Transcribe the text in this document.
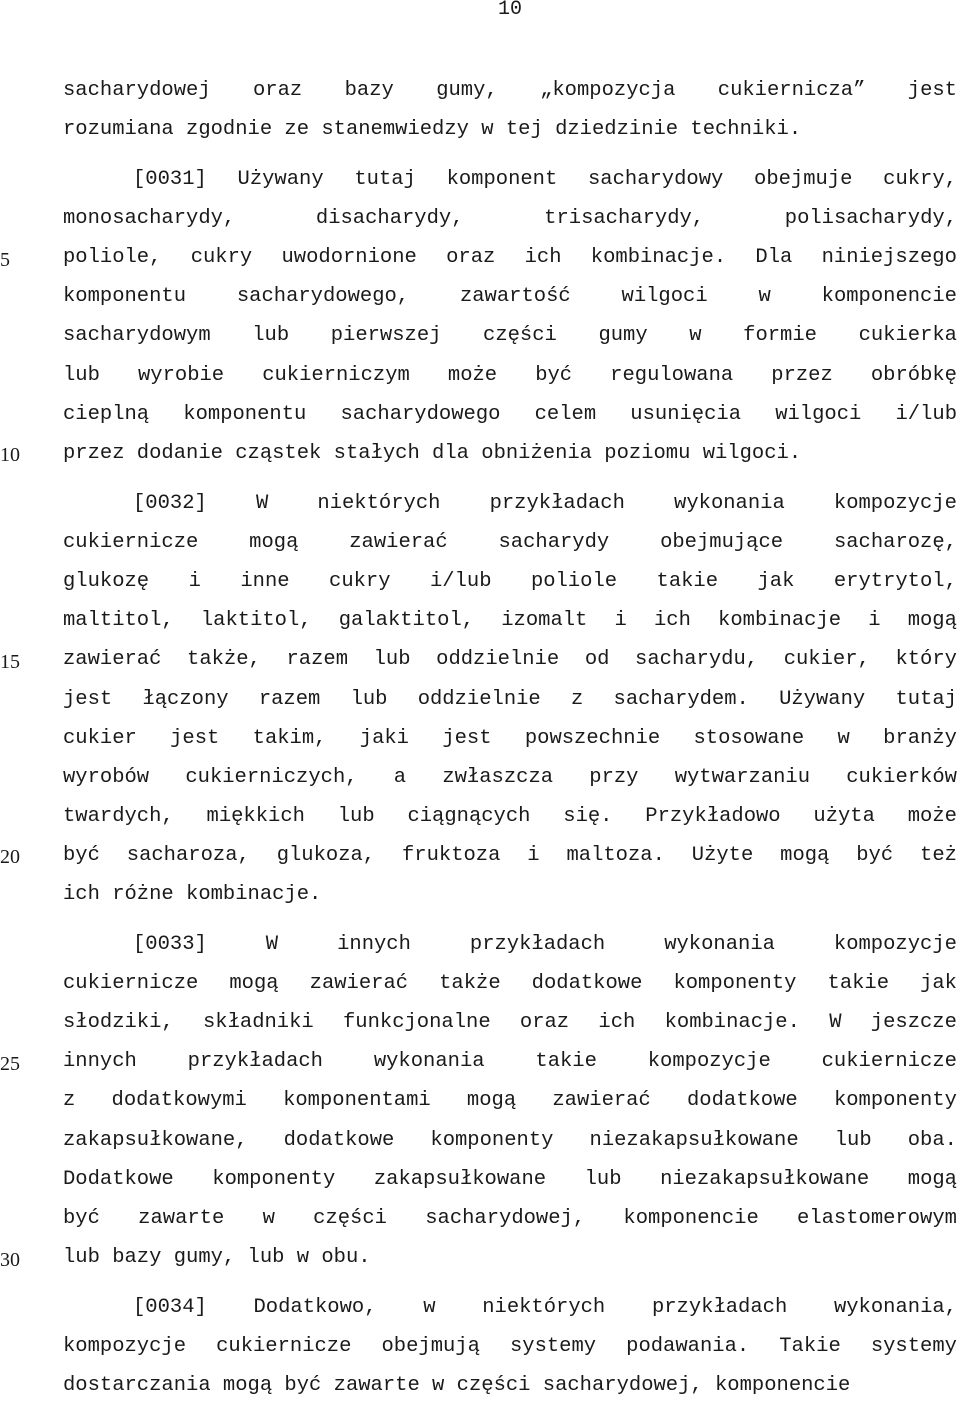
10
5
10
15
20
25
30
sacharydowej oraz bazy gumy, „kompozycja cukiernicza” jest
rozumiana zgodnie ze stanemwiedzy w tej dziedzinie techniki.
[0031] Używany tutaj komponent sacharydowy obejmuje cukry,
monosacharydy,	disacharydy,	trisacharydy,	polisacharydy,
poliole, cukry uwodornione oraz ich kombinacje. Dla niniejszego
komponentu sacharydowego, zawartość wilgoci w komponencie
sacharydowym lub pierwszej części gumy w formie cukierka
lub wyrobie cukierniczym może być regulowana przez obróbkę
cieplną komponentu sacharydowego celem usunięcia wilgoci i/lub
przez dodanie cząstek stałych dla obniżenia poziomu wilgoci.
[0032] W niektórych przykładach wykonania kompozycje
cukiernicze mogą zawierać sacharydy obejmujące sacharozę,
glukozę i inne cukry i/lub poliole takie jak erytrytol,
maltitol, laktitol, galaktitol, izomalt i ich kombinacje i mogą
zawierać także, razem lub oddzielnie od sacharydu, cukier, który
jest łączony razem lub oddzielnie z sacharydem. Używany tutaj
cukier jest takim, jaki jest powszechnie stosowane w branży
wyrobów cukierniczych, a zwłaszcza przy wytwarzaniu cukierków
twardych, miękkich lub ciągnących się. Przykładowo użyta może
być sacharoza, glukoza, fruktoza i maltoza. Użyte mogą być też
ich różne kombinacje.
[0033]	W	innych	przykładach	wykonania	kompozycje
cukiernicze mogą zawierać także dodatkowe komponenty takie jak
słodziki, składniki funkcjonalne oraz ich kombinacje. W jeszcze
innych przykładach wykonania takie kompozycje cukiernicze
z dodatkowymi komponentami mogą zawierać dodatkowe komponenty
zakapsułkowane, dodatkowe komponenty niezakapsułkowane lub oba.
Dodatkowe komponenty zakapsułkowane lub niezakapsułkowane mogą
być zawarte w części sacharydowej, komponencie elastomerowym
lub bazy gumy, lub w obu.
[0034] Dodatkowo, w niektórych przykładach wykonania,
kompozycje cukiernicze obejmują systemy podawania. Takie systemy
dostarczania mogą być zawarte w części sacharydowej, komponencie
